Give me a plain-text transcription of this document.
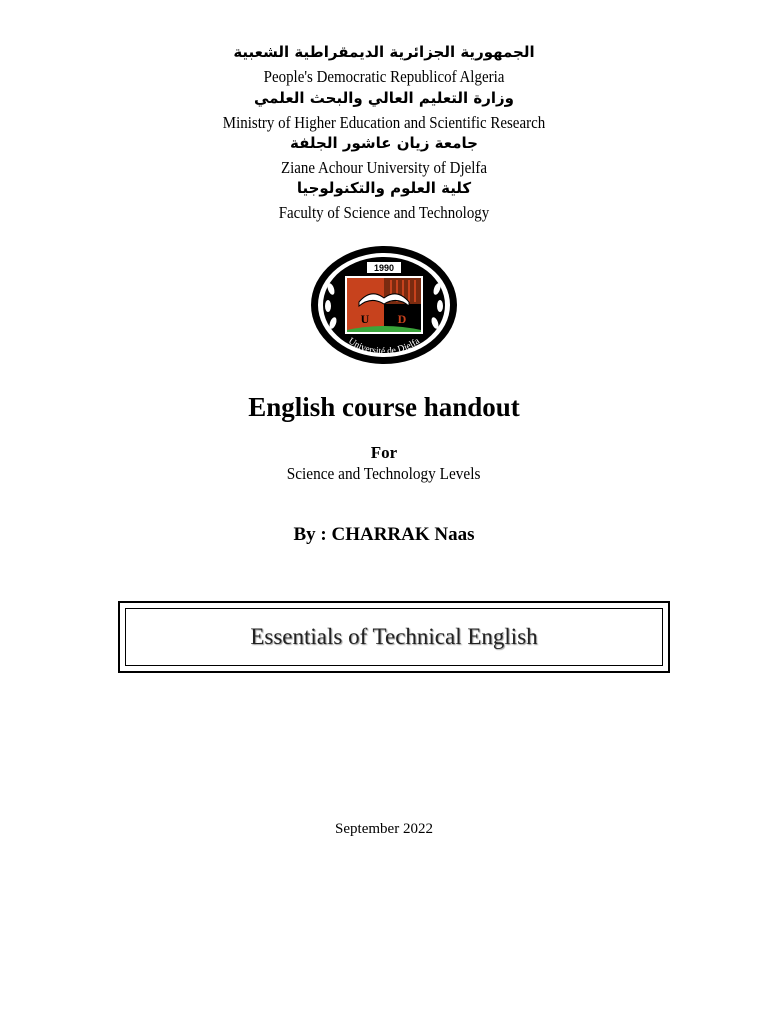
الجمهورية الجزائرية الديمقراطية الشعبية
People's Democratic Republicof Algeria
وزارة التعليم العالي والبحث العلمي
Ministry of Higher Education and Scientific Research
جامعة زيان عاشور الجلفة
Ziane Achour University of Djelfa
كلية العلوم والتكنولوجيا
Faculty of Science and Technology
1990
U D
Université de Djelfa
English course handout
For
Science and Technology Levels
By : CHARRAK Naas
Essentials of Technical English
September 2022
